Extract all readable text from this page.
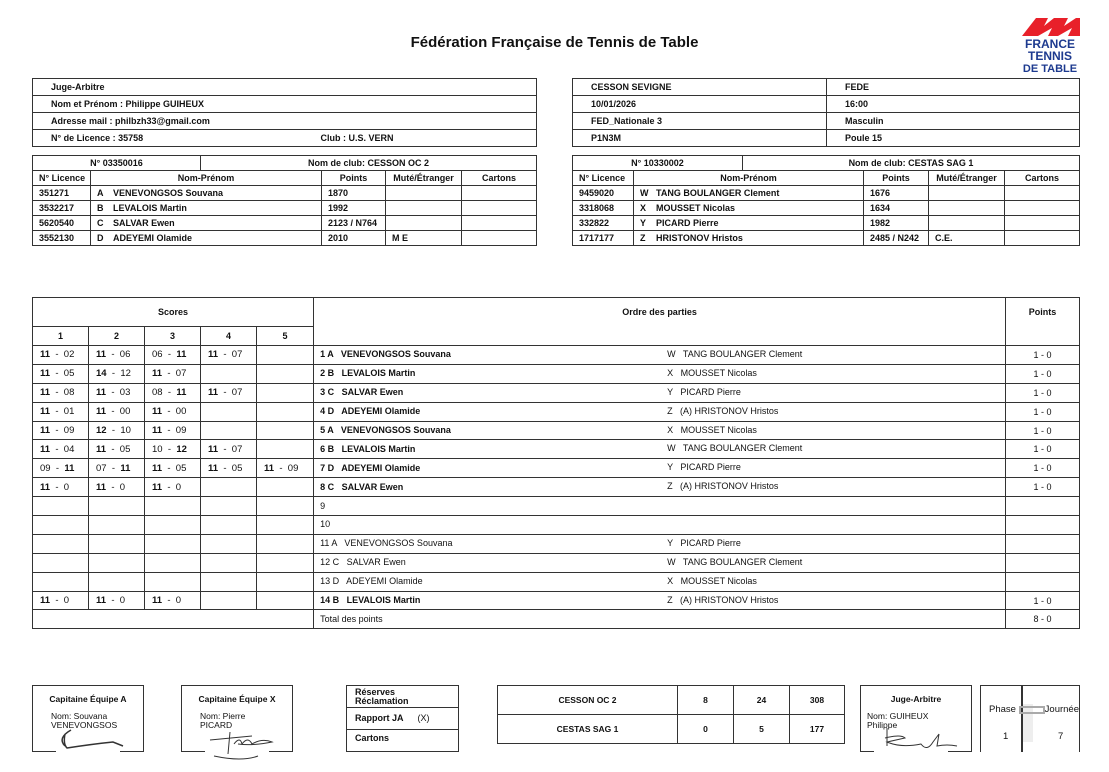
Fédération Française de Tennis de Table	FRANCE
TENNIS
DE TABLE
Juge-Arbitre
Nom et Prénom : Philippe GUIHEUX
Adresse mail : philbzh33@gmail.com
N° de Licence : 35758	Club : U.S. VERN
CESSON SEVIGNE	FEDE
10/01/2026	16:00
FED_Nationale 3	Masculin
P1N3M	Poule 15
N° 03350016		Nom de club: CESSON OC 2			
N° Licence	Nom-Prénom		Points	Muté/Étranger	Cartons
351271	A VENEVONGSOS Souvana		1870		
3532217	B LEVALOIS Martin		1992		
5620540	C SALVAR Ewen		2123 / N764		
3552130	D ADEYEMI Olamide		2010	M E	
N° 10330002		Nom de club: CESTAS SAG 1			
N° Licence	Nom-Prénom		Points	Muté/Étranger	Cartons
9459020	W TANG BOULANGER Clement		1676		
3318068	X MOUSSET Nicolas		1634		
332822	Y PICARD Pierre		1982		
1717177	Z HRISTONOV Hristos		2485 / N242	C.E.	
Scores					Ordre des parties	Points
1	2	3	4	5		
11  -  02	11  -  06	06  -  11	11  -  07		1 A   VENEVONGSOS Souvana W   TANG BOULANGER Clement	1 - 0
11  -  05	14  -  12	11  -  07			2 B   LEVALOIS Martin X   MOUSSET Nicolas	1 - 0
11  -  08	11  -  03	08  -  11	11  -  07		3 C   SALVAR Ewen Y   PICARD Pierre	1 - 0
11  -  01	11  -  00	11  -  00			4 D   ADEYEMI Olamide Z   (A) HRISTONOV Hristos	1 - 0
11  -  09	12  -  10	11  -  09			5 A   VENEVONGSOS Souvana X   MOUSSET Nicolas	1 - 0
11  -  04	11  -  05	10  -  12	11  -  07		6 B   LEVALOIS Martin W   TANG BOULANGER Clement	1 - 0
09  -  11	07  -  11	11  -  05	11  -  05	11  -  09	7 D   ADEYEMI Olamide Y   PICARD Pierre	1 - 0
11  -  0	11  -  0	11  -  0			8 C   SALVAR Ewen Z   (A) HRISTONOV Hristos	1 - 0
					9

					10

					11 A   VENEVONGSOS Souvana Y   PICARD Pierre	

					12 C   SALVAR Ewen W   TANG BOULANGER Clement	

					13 D   ADEYEMI Olamide X   MOUSSET Nicolas	

11  -  0	11  -  0	11  -  0			14 B   LEVALOIS Martin Z   (A) HRISTONOV Hristos	1 - 0
					Total des points	8 - 0
Capitaine Équipe A
Nom: Souvana VENEVONGSOS
Capitaine Équipe X
Nom: Pierre PICARD
Réserves Réclamation
Rapport JA (X)
Cartons
CESSON OC 2	8	24	308
CESTAS SAG 1	0	5	177
Juge-Arbitre
Nom: GUIHEUX Philippe
Phase
1
Journée
7
